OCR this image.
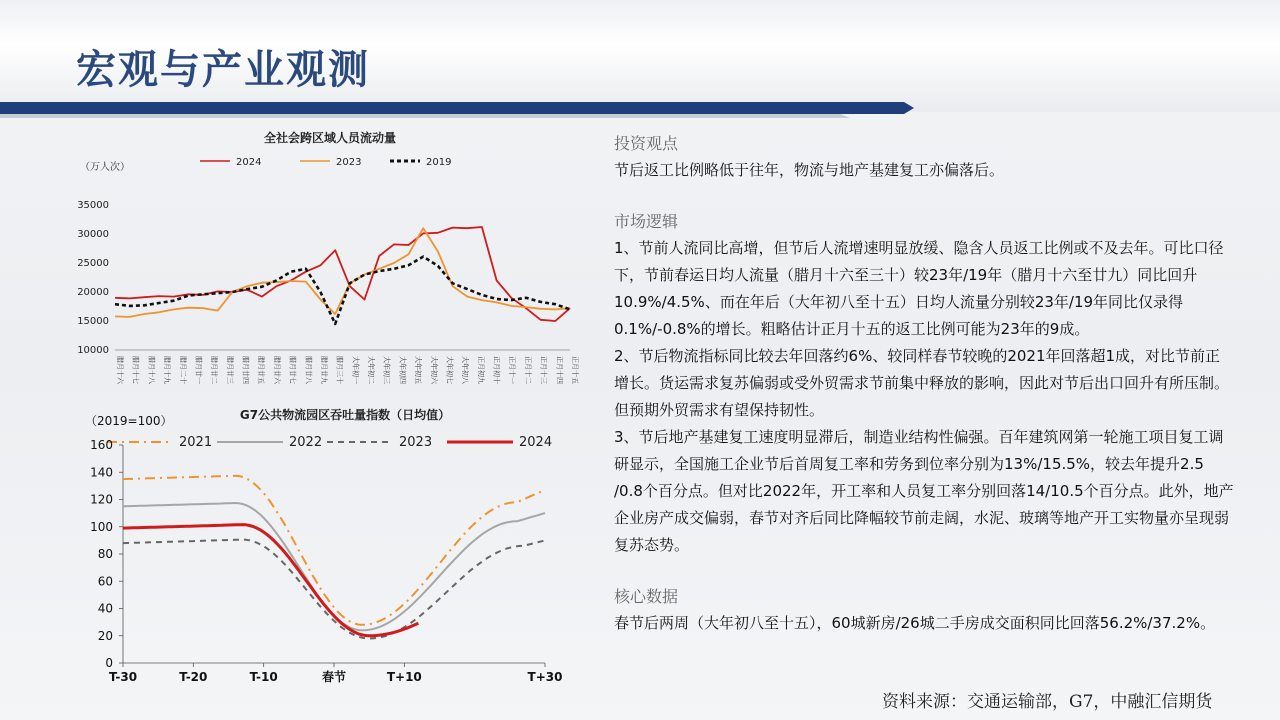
宏观与产业观测
全社会跨区域人员流动量
（万人次）	2024	2023	2019
35000
30000
25000
20000
15000
10000
腊月十六 腊月十七 腊月十八 腊月十九 腊月二十 腊月廿一 腊月廿二 腊月廿三 腊月廿四 腊月廿五 腊月廿六 腊月廿七 腊月廿八 腊月廿九 腊月三十 大年初一 大年初二 大年初三 大年初四 大年初五 大年初六 大年初七 大年初八 正月初九 正月初十 正月十一 正月十二 正月十三 正月十四 正月十五
G7公共物流园区吞吐量指数（日均值）
（2019=100）
2021	2022	2023	2024
160
140
120
100
80
60
40
20
0
T-30	T-20	T-10	春节	T+10	T+30
投资观点
节后返工比例略低于往年，物流与地产基建复工亦偏落后。
市场逻辑
1、节前人流同比高增，但节后人流增速明显放缓、隐含人员返工比例或不及去年。可比口径下，节前春运日均人流量（腊月十六至三十）较23年/19年（腊月十六至廿九）同比回升10.9%/4.5%、而在年后（大年初八至十五）日均人流量分别较23年/19年同比仅录得0.1%/-0.8%的增长。粗略估计正月十五的返工比例可能为23年的9成。
2、节后物流指标同比较去年回落约6%、较同样春节较晚的2021年回落超1成，对比节前正增长。货运需求复苏偏弱或受外贸需求节前集中释放的影响，因此对节后出口回升有所压制。但预期外贸需求有望保持韧性。
3、节后地产基建复工速度明显滞后，制造业结构性偏强。百年建筑网第一轮施工项目复工调研显示，全国施工企业节后首周复工率和劳务到位率分别为13%/15.5%，较去年提升2.5 /0.8个百分点。但对比2022年，开工率和人员复工率分别回落14/10.5个百分点。此外，地产企业房产成交偏弱，春节对齐后同比降幅较节前走阔，水泥、玻璃等地产开工实物量亦呈现弱复苏态势。
核心数据
春节后两周（大年初八至十五），60城新房/26城二手房成交面积同比回落56.2%/37.2%。
资料来源：交通运输部，G7，中融汇信期货
